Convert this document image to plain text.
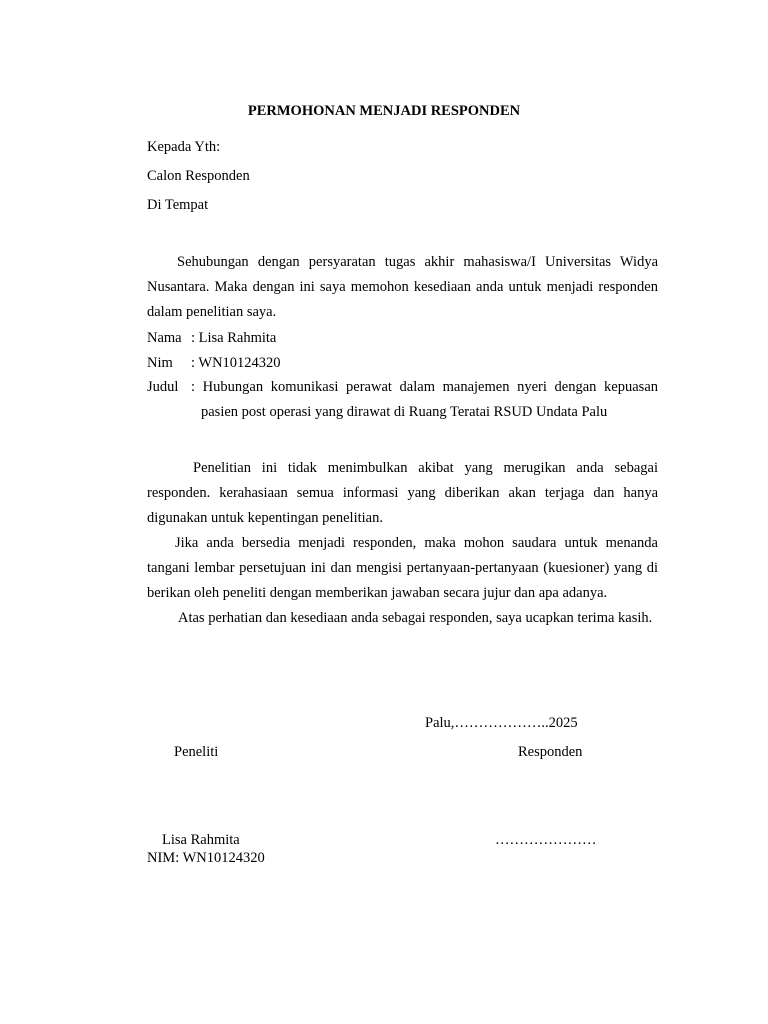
PERMOHONAN MENJADI RESPONDEN
Kepada Yth:
Calon Responden
Di Tempat

Sehubungan dengan persyaratan tugas akhir mahasiswa/I Universitas Widya Nusantara. Maka dengan ini saya memohon kesediaan anda untuk menjadi responden dalam penelitian saya.

Nama : Lisa Rahmita
Nim : WN10124320
Judul : Hubungan komunikasi perawat dalam manajemen nyeri dengan kepuasan pasien post operasi yang dirawat di Ruang Teratai RSUD Undata Palu

Penelitian ini tidak menimbulkan akibat yang merugikan anda sebagai responden. kerahasiaan semua informasi yang diberikan akan terjaga dan hanya digunakan untuk kepentingan penelitian.

Jika anda bersedia menjadi responden, maka mohon saudara untuk menanda tangani lembar persetujuan ini dan mengisi pertanyaan-pertanyaan (kuesioner) yang di berikan oleh peneliti dengan memberikan jawaban secara jujur dan apa adanya.

Atas perhatian dan kesediaan anda sebagai responden, saya ucapkan terima kasih.

Palu,………………..2025
Peneliti	Responden
Lisa Rahmita	…………………
NIM: WN10124320
